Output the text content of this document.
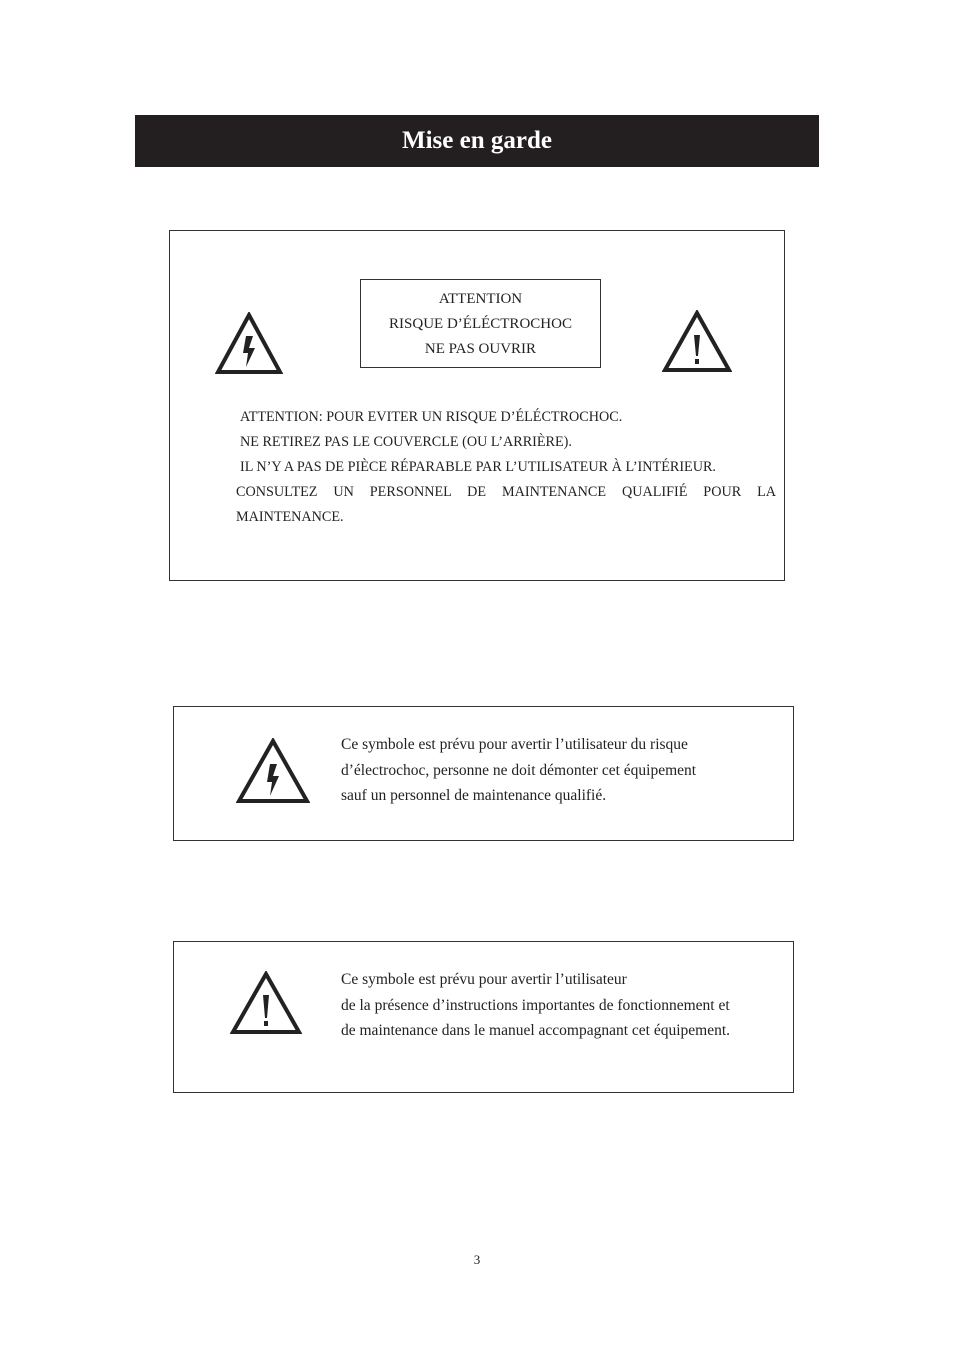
Mise en garde
ATTENTION
RISQUE D’ÉLÉCTROCHOC
NE PAS OUVRIR
ATTENTION: POUR EVITER UN RISQUE D’ÉLÉCTROCHOC.
NE RETIREZ PAS LE COUVERCLE (OU L’ARRIÈRE).
IL N’Y A PAS DE PIÈCE RÉPARABLE PAR L’UTILISATEUR À L’INTÉRIEUR.
CONSULTEZ UN PERSONNEL DE MAINTENANCE QUALIFIÉ POUR LA
MAINTENANCE.
Ce symbole est prévu pour avertir l’utilisateur du risque
d’électrochoc, personne ne doit démonter cet équipement
sauf un personnel de maintenance qualifié.
Ce symbole est prévu pour avertir l’utilisateur
de la présence d’instructions importantes de fonctionnement et
de maintenance dans le manuel accompagnant cet équipement.
3
